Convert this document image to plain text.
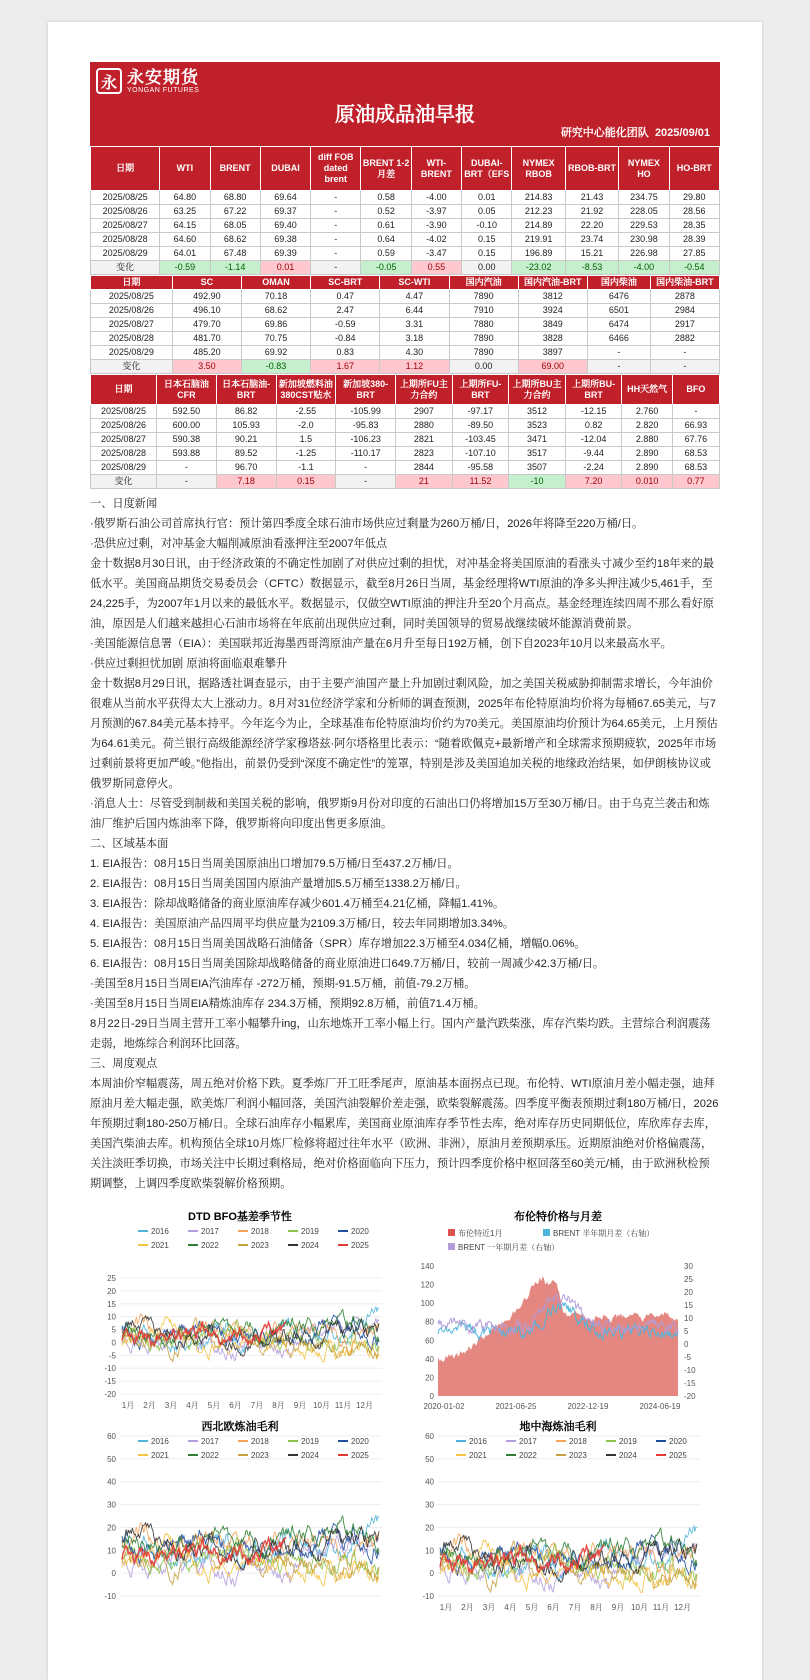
永 永安期货
YONGAN FUTURES
原油成品油早报
研究中心能化团队 2025/09/01
日期	WTI	BRENT	DUBAI	diff FOB dated brent	BRENT 1-2月差	WTI-BRENT	DUBAI-BRT（EFS	NYMEX RBOB	RBOB-BRT	NYMEX HO	HO-BRT
2025/08/25	64.80	68.80	69.64	-	0.58	-4.00	0.01	214.83	21.43	234.75	29.80
2025/08/26	63.25	67.22	69.37	-	0.52	-3.97	0.05	212.23	21.92	228.05	28.56
2025/08/27	64.15	68.05	69.40	-	0.61	-3.90	-0.10	214.89	22.20	229.53	28.35
2025/08/28	64.60	68.62	69.38	-	0.64	-4.02	0.15	219.91	23.74	230.98	28.39
2025/08/29	64.01	67.48	69.39	-	0.59	-3.47	0.15	196.89	15.21	226.98	27.85
变化	-0.59	-1.14	0.01	-	-0.05	0.55	0.00	-23.02	-8.53	-4.00	-0.54
日期	SC	OMAN	SC-BRT	SC-WTI	国内汽油	国内汽油-BRT	国内柴油	国内柴油-BRT
2025/08/25	492.90	70.18	0.47	4.47	7890	3812	6476	2878
2025/08/26	496.10	68.62	2.47	6.44	7910	3924	6501	2984
2025/08/27	479.70	69.86	-0.59	3.31	7880	3849	6474	2917
2025/08/28	481.70	70.75	-0.84	3.18	7890	3828	6466	2882
2025/08/29	485.20	69.92	0.83	4.30	7890	3897	-	-
变化	3.50	-0.83	1.67	1.12	0.00	69.00	-	-
日期	日本石脑油CFR	日本石脑油-BRT	新加坡燃料油380CST贴水	新加坡380-BRT	上期所FU主力合约	上期所FU-BRT	上期所BU主力合约	上期所BU-BRT	HH天然气	BFO
2025/08/25	592.50	86.82	-2.55	-105.99	2907	-97.17	3512	-12.15	2.760	-
2025/08/26	600.00	105.93	-2.0	-95.83	2880	-89.50	3523	0.82	2.820	66.93
2025/08/27	590.38	90.21	1.5	-106.23	2821	-103.45	3471	-12.04	2.880	67.76
2025/08/28	593.88	89.52	-1.25	-110.17	2823	-107.10	3517	-9.44	2.890	68.53
2025/08/29	-	96.70	-1.1	-	2844	-95.58	3507	-2.24	2.890	68.53
变化	-	7.18	0.15	-	21	11.52	-10	7.20	0.010	0.77

一、日度新闻

·俄罗斯石油公司首席执行官：预计第四季度全球石油市场供应过剩量为260万桶/日，2026年将降至220万桶/日。

·恐供应过剩，对冲基金大幅削减原油看涨押注至2007年低点

金十数据8月30日讯，由于经济政策的不确定性加剧了对供应过剩的担忧，对冲基金将美国原油的看涨头寸减少至约18年来的最低水平。美国商品期货交易委员会（CFTC）数据显示，截至8月26日当周，基金经理将WTI原油的净多头押注减少5,461手，至24,225手，为2007年1月以来的最低水平。数据显示，仅做空WTI原油的押注升至20个月高点。基金经理连续四周不那么看好原油，原因是人们越来越担心石油市场将在年底前出现供应过剩，同时美国领导的贸易战继续破坏能源消费前景。

·美国能源信息署（EIA）：美国联邦近海墨西哥湾原油产量在6月升至每日192万桶，创下自2023年10月以来最高水平。

·供应过剩担忧加剧 原油将面临艰难攀升

金十数据8月29日讯，据路透社调查显示，由于主要产油国产量上升加剧过剩风险，加之美国关税威胁抑制需求增长，今年油价很难从当前水平获得太大上涨动力。8月对31位经济学家和分析师的调查预测，2025年布伦特原油均价将为每桶67.65美元，与7月预测的67.84美元基本持平。今年迄今为止，全球基准布伦特原油均价约为70美元。美国原油均价预计为64.65美元，上月预估为64.61美元。荷兰银行高级能源经济学家穆塔兹·阿尔塔格里比表示：“随着欧佩克+最新增产和全球需求预期疲软，2025年市场过剩前景将更加严峻。”他指出，前景仍受到“深度不确定性”的笼罩，特别是涉及美国追加关税的地缘政治结果，如伊朗核协议或俄罗斯同意停火。

·消息人士：尽管受到制裁和美国关税的影响，俄罗斯9月份对印度的石油出口仍将增加15万至30万桶/日。由于乌克兰袭击和炼油厂维护后国内炼油率下降，俄罗斯将向印度出售更多原油。

二、区域基本面

1. EIA报告：08月15日当周美国原油出口增加79.5万桶/日至437.2万桶/日。

2. EIA报告：08月15日当周美国国内原油产量增加5.5万桶至1338.2万桶/日。

3. EIA报告：除却战略储备的商业原油库存减少601.4万桶至4.21亿桶，降幅1.41%。

4. EIA报告：美国原油产品四周平均供应量为2109.3万桶/日，较去年同期增加3.34%。

5. EIA报告：08月15日当周美国战略石油储备（SPR）库存增加22.3万桶至4.034亿桶，增幅0.06%。

6. EIA报告：08月15日当周美国除却战略储备的商业原油进口649.7万桶/日，较前一周减少42.3万桶/日。

·美国至8月15日当周EIA汽油库存 -272万桶，预期-91.5万桶，前值-79.2万桶。

·美国至8月15日当周EIA精炼油库存 234.3万桶，预期92.8万桶，前值71.4万桶。

8月22日-29日当周主营开工率小幅攀升ing，山东地炼开工率小幅上行。国内产量汽跌柴涨，库存汽柴均跌。主营综合利润震荡走弱，地炼综合利润环比回落。

三、周度观点

本周油价窄幅震荡，周五绝对价格下跌。夏季炼厂开工旺季尾声，原油基本面拐点已现。布伦特、WTI原油月差小幅走强，迪拜原油月差大幅走强，欧美炼厂利润小幅回落，美国汽油裂解价差走强，欧柴裂解震荡。四季度平衡表预期过剩180万桶/日，2026年预期过剩180-250万桶/日。全球石油库存小幅累库，美国商业原油库存季节性去库，绝对库存历史同期低位，库欣库存去库，美国汽柴油去库。机构预估全球10月炼厂检修将超过往年水平（欧洲、非洲），原油月差预期承压。近期原油绝对价格偏震荡，关注淡旺季切换，市场关注中长期过剩格局，绝对价格面临向下压力，预计四季度价格中枢回落至60美元/桶，由于欧洲秋检预期调整，上调四季度欧柴裂解价格预期。

DTD BFO基差季节性
2016	2017	2018	2019	2020
2021	2022	2023	2024	2025
25
20
15
10
5
0
-5
-10
-15
-20
1月 2月 3月 4月 5月 6月 7月 8月 9月 10月 11月 12月
布伦特价格与月差
布伦特近1月	BRENT 半年期月差（右轴）
BRENT 一年期月差（右轴）
140
120
100
80
60
40
20
0
30
25
20
15
10
5
0
-5
-10
-15
-20
2020-01-02	2021-06-25	2022-12-19	2024-06-19
西北欧炼油毛利
2016	2017	2018	2019	2020
2021	2022	2023	2024	2025
60
50
40
30
20
10
0
-10
地中海炼油毛利
2016	2017	2018	2019	2020
2021	2022	2023	2024	2025
60
50
40
30
20
10
0
-10
1月 2月 3月 4月 5月 6月 7月 8月 9月 10月 11月 12月
